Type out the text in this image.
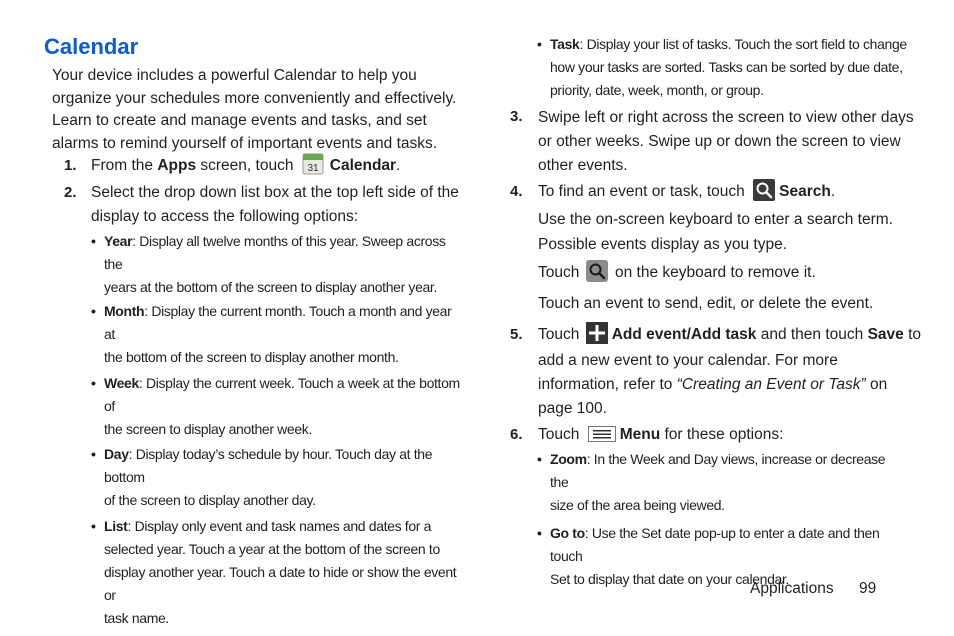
Calendar
Your device includes a powerful Calendar to help you
organize your schedules more conveniently and effectively.
Learn to create and manage events and tasks, and set
alarms to remind yourself of important events and tasks.
1. From the Apps screen, touch 31 Calendar.
2. Select the drop down list box at the top left side of the
display to access the following options:
• Year: Display all twelve months of this year. Sweep across the
years at the bottom of the screen to display another year.
• Month: Display the current month. Touch a month and year at
the bottom of the screen to display another month.
• Week: Display the current week. Touch a week at the bottom of
the screen to display another week.
• Day: Display today’s schedule by hour. Touch day at the bottom
of the screen to display another day.
• List: Display only event and task names and dates for a
selected year. Touch a year at the bottom of the screen to
display another year. Touch a date to hide or show the event or
task name.
• Task: Display your list of tasks. Touch the sort field to change
how your tasks are sorted. Tasks can be sorted by due date,
priority, date, week, month, or group.
3. Swipe left or right across the screen to view other days
or other weeks. Swipe up or down the screen to view
other events.
4. To find an event or task, touch Search.
Use the on-screen keyboard to enter a search term.
Possible events display as you type.
Touch on the keyboard to remove it.
Touch an event to send, edit, or delete the event.
5. Touch Add event/Add task and then touch Save to
add a new event to your calendar. For more
information, refer to “Creating an Event or Task” on
page 100.
6. Touch	Menu for these options:
• Zoom: In the Week and Day views, increase or decrease the
size of the area being viewed.
• Go to: Use the Set date pop-up to enter a date and then touch
Set to display that date on your calendar.
Applications 99
